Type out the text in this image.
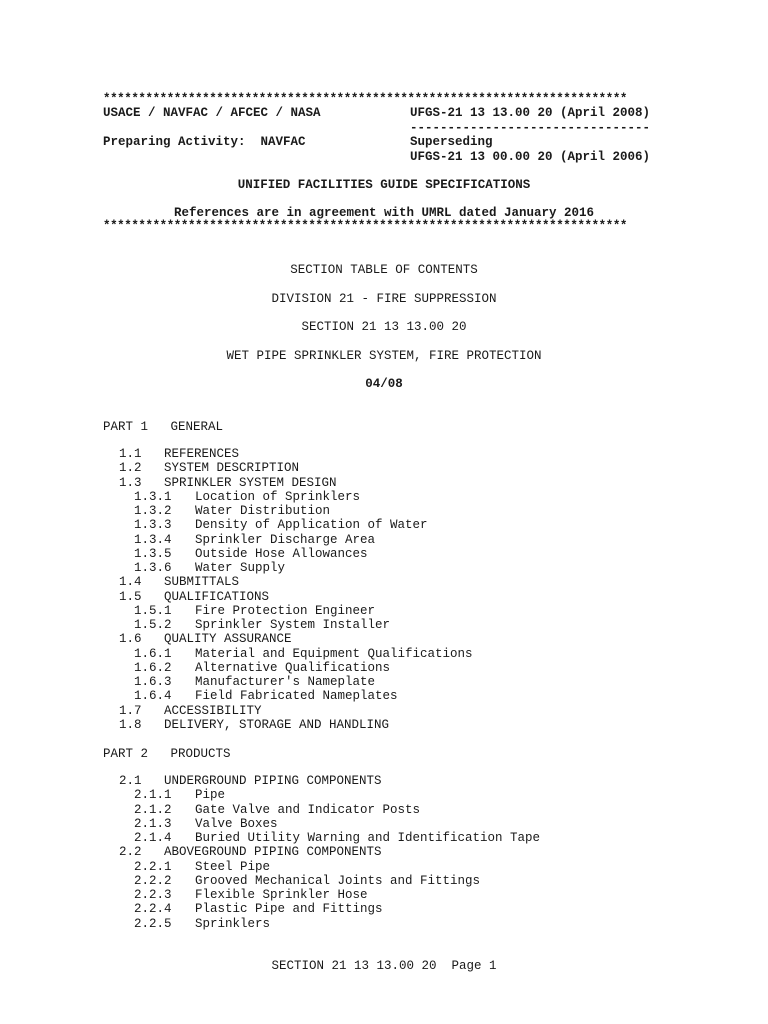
**************************************************************************
USACE / NAVFAC / AFCEC / NASA	UFGS-21 13 13.00 20 (April 2008)
--------------------------------
Preparing Activity:  NAVFAC	Superseding
UFGS-21 13 00.00 20 (April 2006)
UNIFIED FACILITIES GUIDE SPECIFICATIONS
References are in agreement with UMRL dated January 2016
**************************************************************************
SECTION TABLE OF CONTENTS
DIVISION 21 - FIRE SUPPRESSION
SECTION 21 13 13.00 20
WET PIPE SPRINKLER SYSTEM, FIRE PROTECTION
04/08
PART 1   GENERAL
1.1 REFERENCES
1.2 SYSTEM DESCRIPTION
1.3 SPRINKLER SYSTEM DESIGN
1.3.1 Location of Sprinklers
1.3.2 Water Distribution
1.3.3 Density of Application of Water
1.3.4 Sprinkler Discharge Area
1.3.5 Outside Hose Allowances
1.3.6 Water Supply
1.4 SUBMITTALS
1.5 QUALIFICATIONS
1.5.1 Fire Protection Engineer
1.5.2 Sprinkler System Installer
1.6 QUALITY ASSURANCE
1.6.1 Material and Equipment Qualifications
1.6.2 Alternative Qualifications
1.6.3 Manufacturer's Nameplate
1.6.4 Field Fabricated Nameplates
1.7 ACCESSIBILITY
1.8 DELIVERY, STORAGE AND HANDLING
PART 2   PRODUCTS
2.1 UNDERGROUND PIPING COMPONENTS
2.1.1 Pipe
2.1.2 Gate Valve and Indicator Posts
2.1.3 Valve Boxes
2.1.4 Buried Utility Warning and Identification Tape
2.2 ABOVEGROUND PIPING COMPONENTS
2.2.1 Steel Pipe
2.2.2 Grooved Mechanical Joints and Fittings
2.2.3 Flexible Sprinkler Hose
2.2.4 Plastic Pipe and Fittings
2.2.5 Sprinklers
SECTION 21 13 13.00 20  Page 1
